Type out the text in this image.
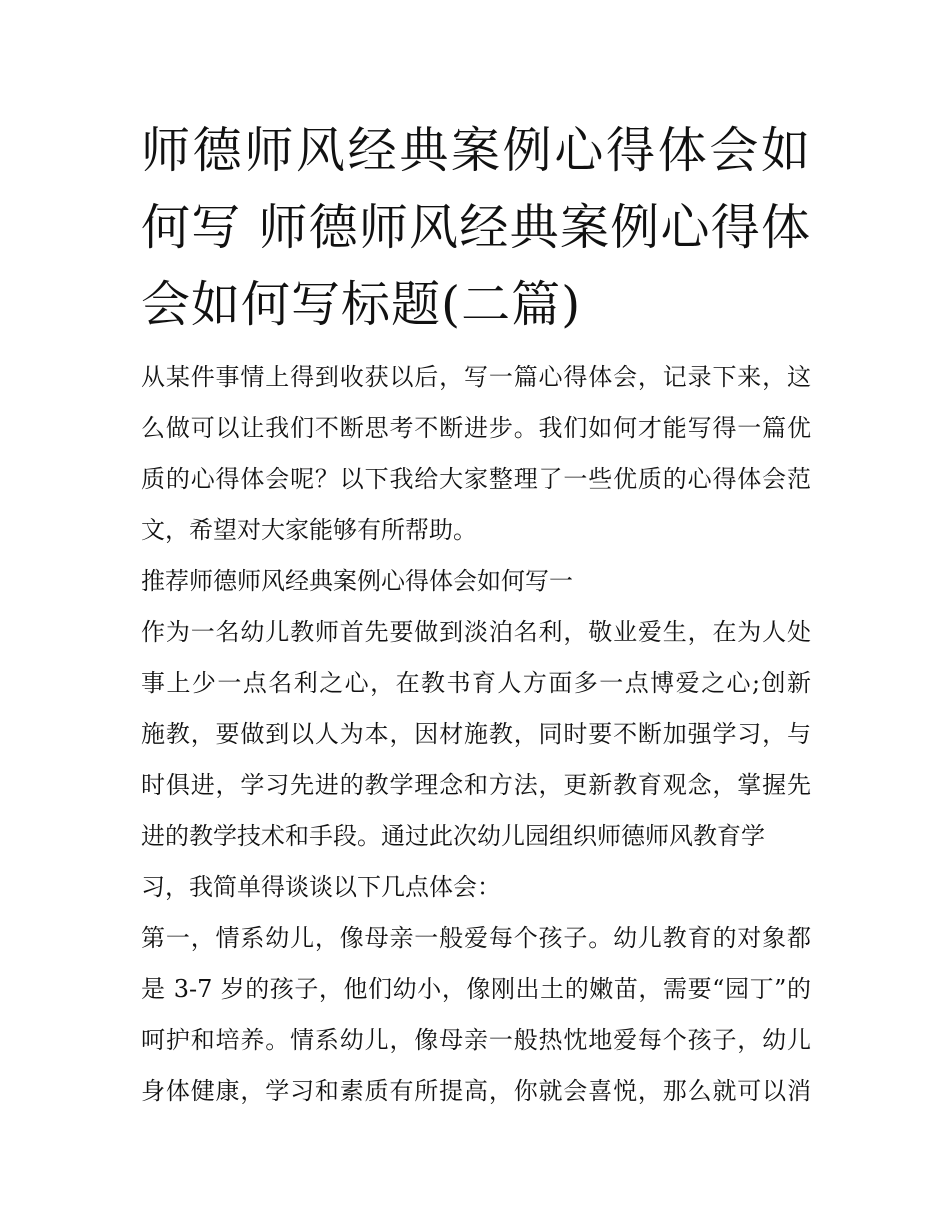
师德师风经典案例心得体会如何写 师德师风经典案例心得体会如何写标题(二篇)

从某件事情上得到收获以后，写一篇心得体会，记录下来，这

么做可以让我们不断思考不断进步。我们如何才能写得一篇优

质的心得体会呢？以下我给大家整理了一些优质的心得体会范

文，希望对大家能够有所帮助。

推荐师德师风经典案例心得体会如何写一

作为一名幼儿教师首先要做到淡泊名利，敬业爱生，在为人处

事上少一点名利之心，在教书育人方面多一点博爱之心;创新

施教，要做到以人为本，因材施教，同时要不断加强学习，与

时俱进，学习先进的教学理念和方法，更新教育观念，掌握先

进的教学技术和手段。通过此次幼儿园组织师德师风教育学

习，我简单得谈谈以下几点体会：

第一，情系幼儿，像母亲一般爱每个孩子。幼儿教育的对象都

是 3-7 岁的孩子，他们幼小，像刚出土的嫩苗，需要“园丁”的

呵护和培养。情系幼儿，像母亲一般热忱地爱每个孩子，幼儿

身体健康，学习和素质有所提高，你就会喜悦，那么就可以消
